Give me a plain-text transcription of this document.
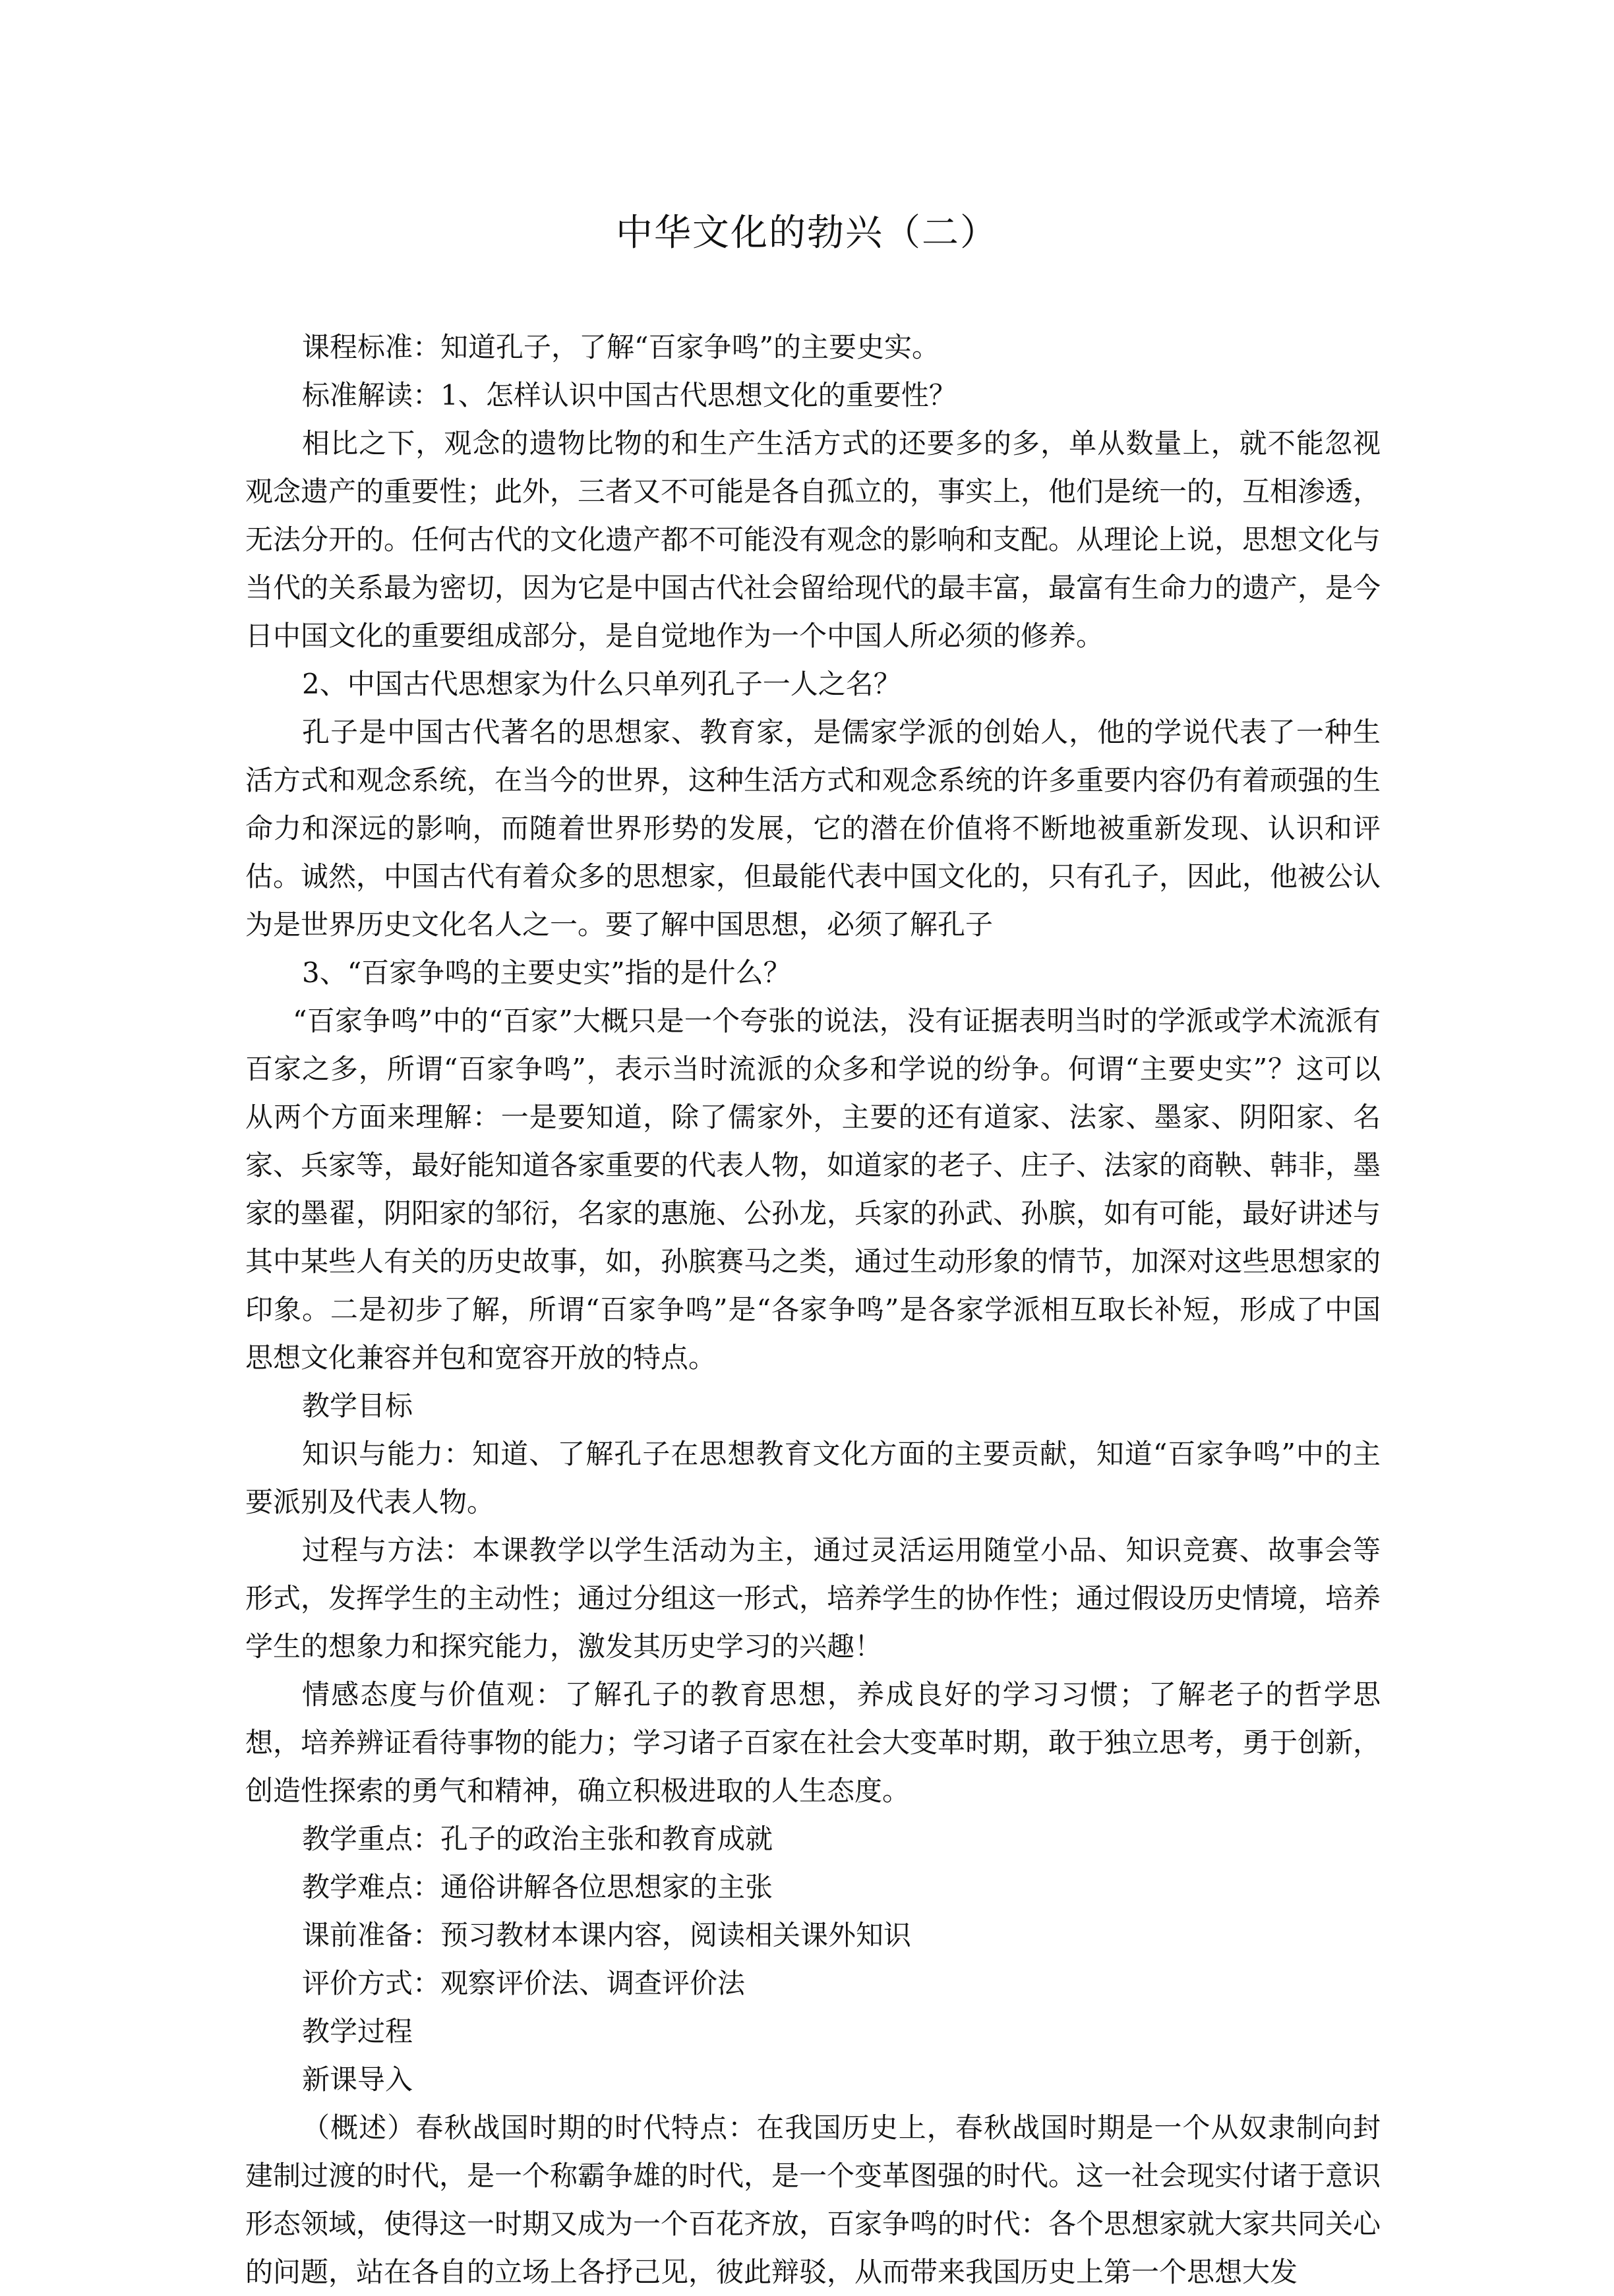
中华文化的勃兴（二）

课程标准：知道孔子，了解“百家争鸣”的主要史实。

标准解读：1、怎样认识中国古代思想文化的重要性？

相比之下，观念的遗物比物的和生产生活方式的还要多的多，单从数量上，就不能忽视观念遗产的重要性；此外，三者又不可能是各自孤立的，事实上，他们是统一的，互相渗透，无法分开的。任何古代的文化遗产都不可能没有观念的影响和支配。从理论上说，思想文化与当代的关系最为密切，因为它是中国古代社会留给现代的最丰富，最富有生命力的遗产，是今日中国文化的重要组成部分，是自觉地作为一个中国人所必须的修养。

2、中国古代思想家为什么只单列孔子一人之名？

孔子是中国古代著名的思想家、教育家，是儒家学派的创始人，他的学说代表了一种生活方式和观念系统，在当今的世界，这种生活方式和观念系统的许多重要内容仍有着顽强的生命力和深远的影响，而随着世界形势的发展，它的潜在价值将不断地被重新发现、认识和评估。诚然，中国古代有着众多的思想家，但最能代表中国文化的，只有孔子，因此，他被公认为是世界历史文化名人之一。要了解中国思想，必须了解孔子

3、“百家争鸣的主要史实”指的是什么？

“百家争鸣”中的“百家”大概只是一个夸张的说法，没有证据表明当时的学派或学术流派有百家之多，所谓“百家争鸣”，表示当时流派的众多和学说的纷争。何谓“主要史实”？这可以从两个方面来理解：一是要知道，除了儒家外，主要的还有道家、法家、墨家、阴阳家、名家、兵家等，最好能知道各家重要的代表人物，如道家的老子、庄子、法家的商鞅、韩非，墨家的墨翟，阴阳家的邹衍，名家的惠施、公孙龙，兵家的孙武、孙膑，如有可能，最好讲述与其中某些人有关的历史故事，如，孙膑赛马之类，通过生动形象的情节，加深对这些思想家的印象。二是初步了解，所谓“百家争鸣”是“各家争鸣”是各家学派相互取长补短，形成了中国思想文化兼容并包和宽容开放的特点。

教学目标

知识与能力：知道、了解孔子在思想教育文化方面的主要贡献，知道“百家争鸣”中的主要派别及代表人物。

过程与方法：本课教学以学生活动为主，通过灵活运用随堂小品、知识竞赛、故事会等形式，发挥学生的主动性；通过分组这一形式，培养学生的协作性；通过假设历史情境，培养学生的想象力和探究能力，激发其历史学习的兴趣！

情感态度与价值观：了解孔子的教育思想，养成良好的学习习惯；了解老子的哲学思想，培养辨证看待事物的能力；学习诸子百家在社会大变革时期，敢于独立思考，勇于创新，创造性探索的勇气和精神，确立积极进取的人生态度。

教学重点：孔子的政治主张和教育成就

教学难点：通俗讲解各位思想家的主张

课前准备：预习教材本课内容，阅读相关课外知识

评价方式：观察评价法、调查评价法

教学过程

新课导入

（概述）春秋战国时期的时代特点：在我国历史上，春秋战国时期是一个从奴隶制向封建制过渡的时代，是一个称霸争雄的时代，是一个变革图强的时代。这一社会现实付诸于意识形态领域，使得这一时期又成为一个百花齐放，百家争鸣的时代：各个思想家就大家共同关心的问题，站在各自的立场上各抒己见，彼此辩驳，从而带来我国历史上第一个思想大发
